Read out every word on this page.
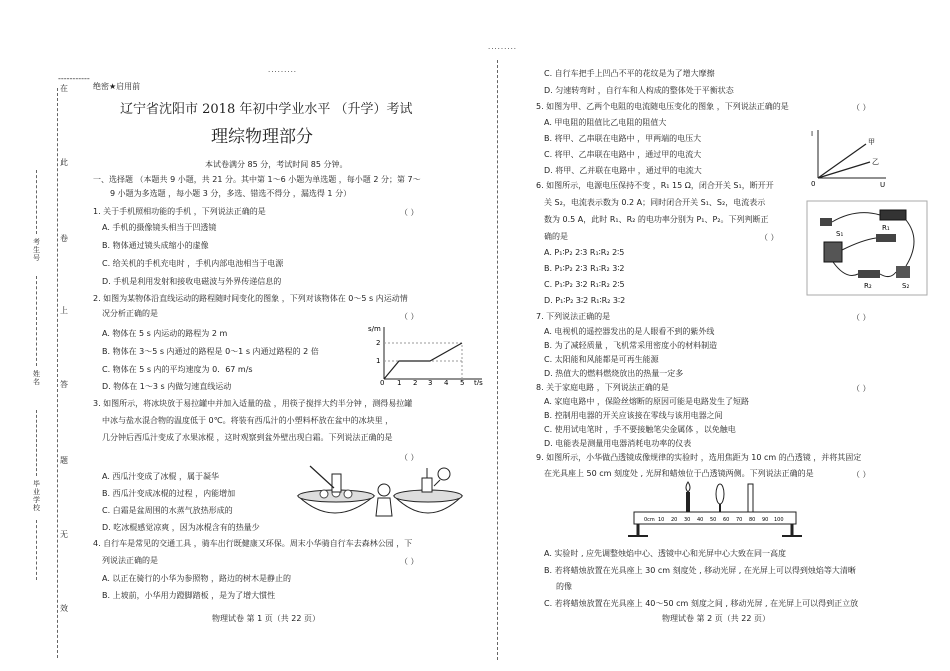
.........
.........
-----------
在
此
卷
上
答
题
无
效
考生号
姓名
毕业学校
绝密★启用前
辽宁省沈阳市 2018 年初中学业水平 （升学）考试
理综物理部分
本试卷满分 85 分，考试时间 85 分钟。
一、选择题 （本题共 9 小题，共 21 分。其中第 1～6 小题为单选题 ，每小题 2 分；第 7～
9 小题为多选题 ，每小题 3 分，多选、错选不得分 ，漏选得 1 分）
1. 关于手机照相功能的手机 ，下列说法正确的是	（ ）
A. 手机的摄像镜头相当于凹透镜
B. 物体通过镜头成缩小的虚像
C. 给关机的手机充电时 ，手机内部电池相当于电源
D. 手机是利用发射和接收电磁波与外界传递信息的
2. 如图为某物体沿直线运动的路程随时间变化的图象 ，下列对该物体在 0～5 s 内运动情
况分析正确的是	（ ）
A. 物体在 5 s 内运动的路程为 2 m
B. 物体在 3～5 s 内通过的路程是 0～1 s 内通过路程的 2 倍
C. 物体在 5 s 内的平均速度为 0．67 m/s
D. 物体在 1～3 s 内做匀速直线运动
s/m
1
2
0 1 2 3 4 5 t/s
3. 如图所示，将冰块放于易拉罐中并加入适量的盐 ，用筷子搅拌大约半分钟 ，测得易拉罐
中冰与盐水混合物的温度低于 0℃。将装有西瓜汁的小塑料杯放在盆中的冰块里 ，
几分钟后西瓜汁变成了水果冰棍 ，这时观察到盆外壁出现白霜。下列说法正确的是
（ ）
A. 西瓜汁变成了冰棍 ，属于凝华
B. 西瓜汁变成冰棍的过程 ，内能增加
C. 白霜是盆周围的水蒸气放热形成的
D. 吃冰棍感觉凉爽 ，因为冰棍含有的热量少
4. 自行车是常见的交通工具 ，骑车出行既健康又环保。周末小华骑自行车去森林公园 ，下
列说法正确的是	（ ）
A. 以正在骑行的小华为参照物 ，路边的树木是静止的
B. 上坡前，小华用力蹬脚踏板 ，是为了增大惯性
物理试卷 第 1 页（共 22 页）
C. 自行车把手上凹凸不平的花纹是为了增大摩擦
D. 匀速转弯时 ，自行车和人构成的整体处于平衡状态
5. 如图为甲、乙两个电阻的电流随电压变化的图象 ，下列说法正确的是	（ ）
A. 甲电阻的阻值比乙电阻的阻值大
B. 将甲、乙串联在电路中 ，甲两端的电压大
C. 将甲、乙串联在电路中 ，通过甲的电流大
D. 将甲、乙并联在电路中 ，通过甲的电流大
I
U
0
甲
乙
6. 如图所示，电源电压保持不变 ，R₁ 15 Ω，闭合开关 S₁，断开开
关 S₂，电流表示数为 0.2 A；同时闭合开关 S₁、S₂，电流表示
数为 0.5 A，此时 R₁、R₂ 的电功率分别为 P₁、P₂。下列判断正
确的是	（ ）
A. P₁∶P₂ 2∶3 R₁∶R₂ 2∶5
B. P₁∶P₂ 2∶3 R₁∶R₂ 3∶2
C. P₁∶P₂ 3∶2 R₁∶R₂ 2∶5
D. P₁∶P₂ 3∶2 R₁∶R₂ 3∶2
S₁
R₁
R₂	S₂
7. 下列说法正确的是	（ ）
A. 电视机的遥控器发出的是人眼看不到的紫外线
B. 为了减轻质量 ，飞机常采用密度小的材料制造
C. 太阳能和风能都是可再生能源
D. 热值大的燃料燃烧放出的热量一定多
8. 关于家庭电路 ，下列说法正确的是	（ ）
A. 家庭电路中 ，保险丝熔断的原因可能是电路发生了短路
B. 控制用电器的开关应该接在零线与该用电器之间
C. 使用试电笔时 ，手不要接触笔尖金属体 ，以免触电
D. 电能表是测量用电器消耗电功率的仪表
9. 如图所示，小华做凸透镜成像规律的实验时 ，选用焦距为 10 cm 的凸透镜 ，并将其固定
在光具座上 50 cm 刻度处 , 光屏和蜡烛位于凸透镜两侧。下列说法正确的是	（ ）
0cm 10 20 30 40 50 60 70 80 90 100
A. 实验时 , 应先调整烛焰中心、透镜中心和光屏中心大致在同一高度
B. 若将蜡烛放置在光具座上 30 cm 刻度处 , 移动光屏 , 在光屏上可以得到烛焰等大清晰
的像
C. 若将蜡烛放置在光具座上 40～50 cm 刻度之间 , 移动光屏 , 在光屏上可以得到正立放
物理试卷 第 2 页（共 22 页）
